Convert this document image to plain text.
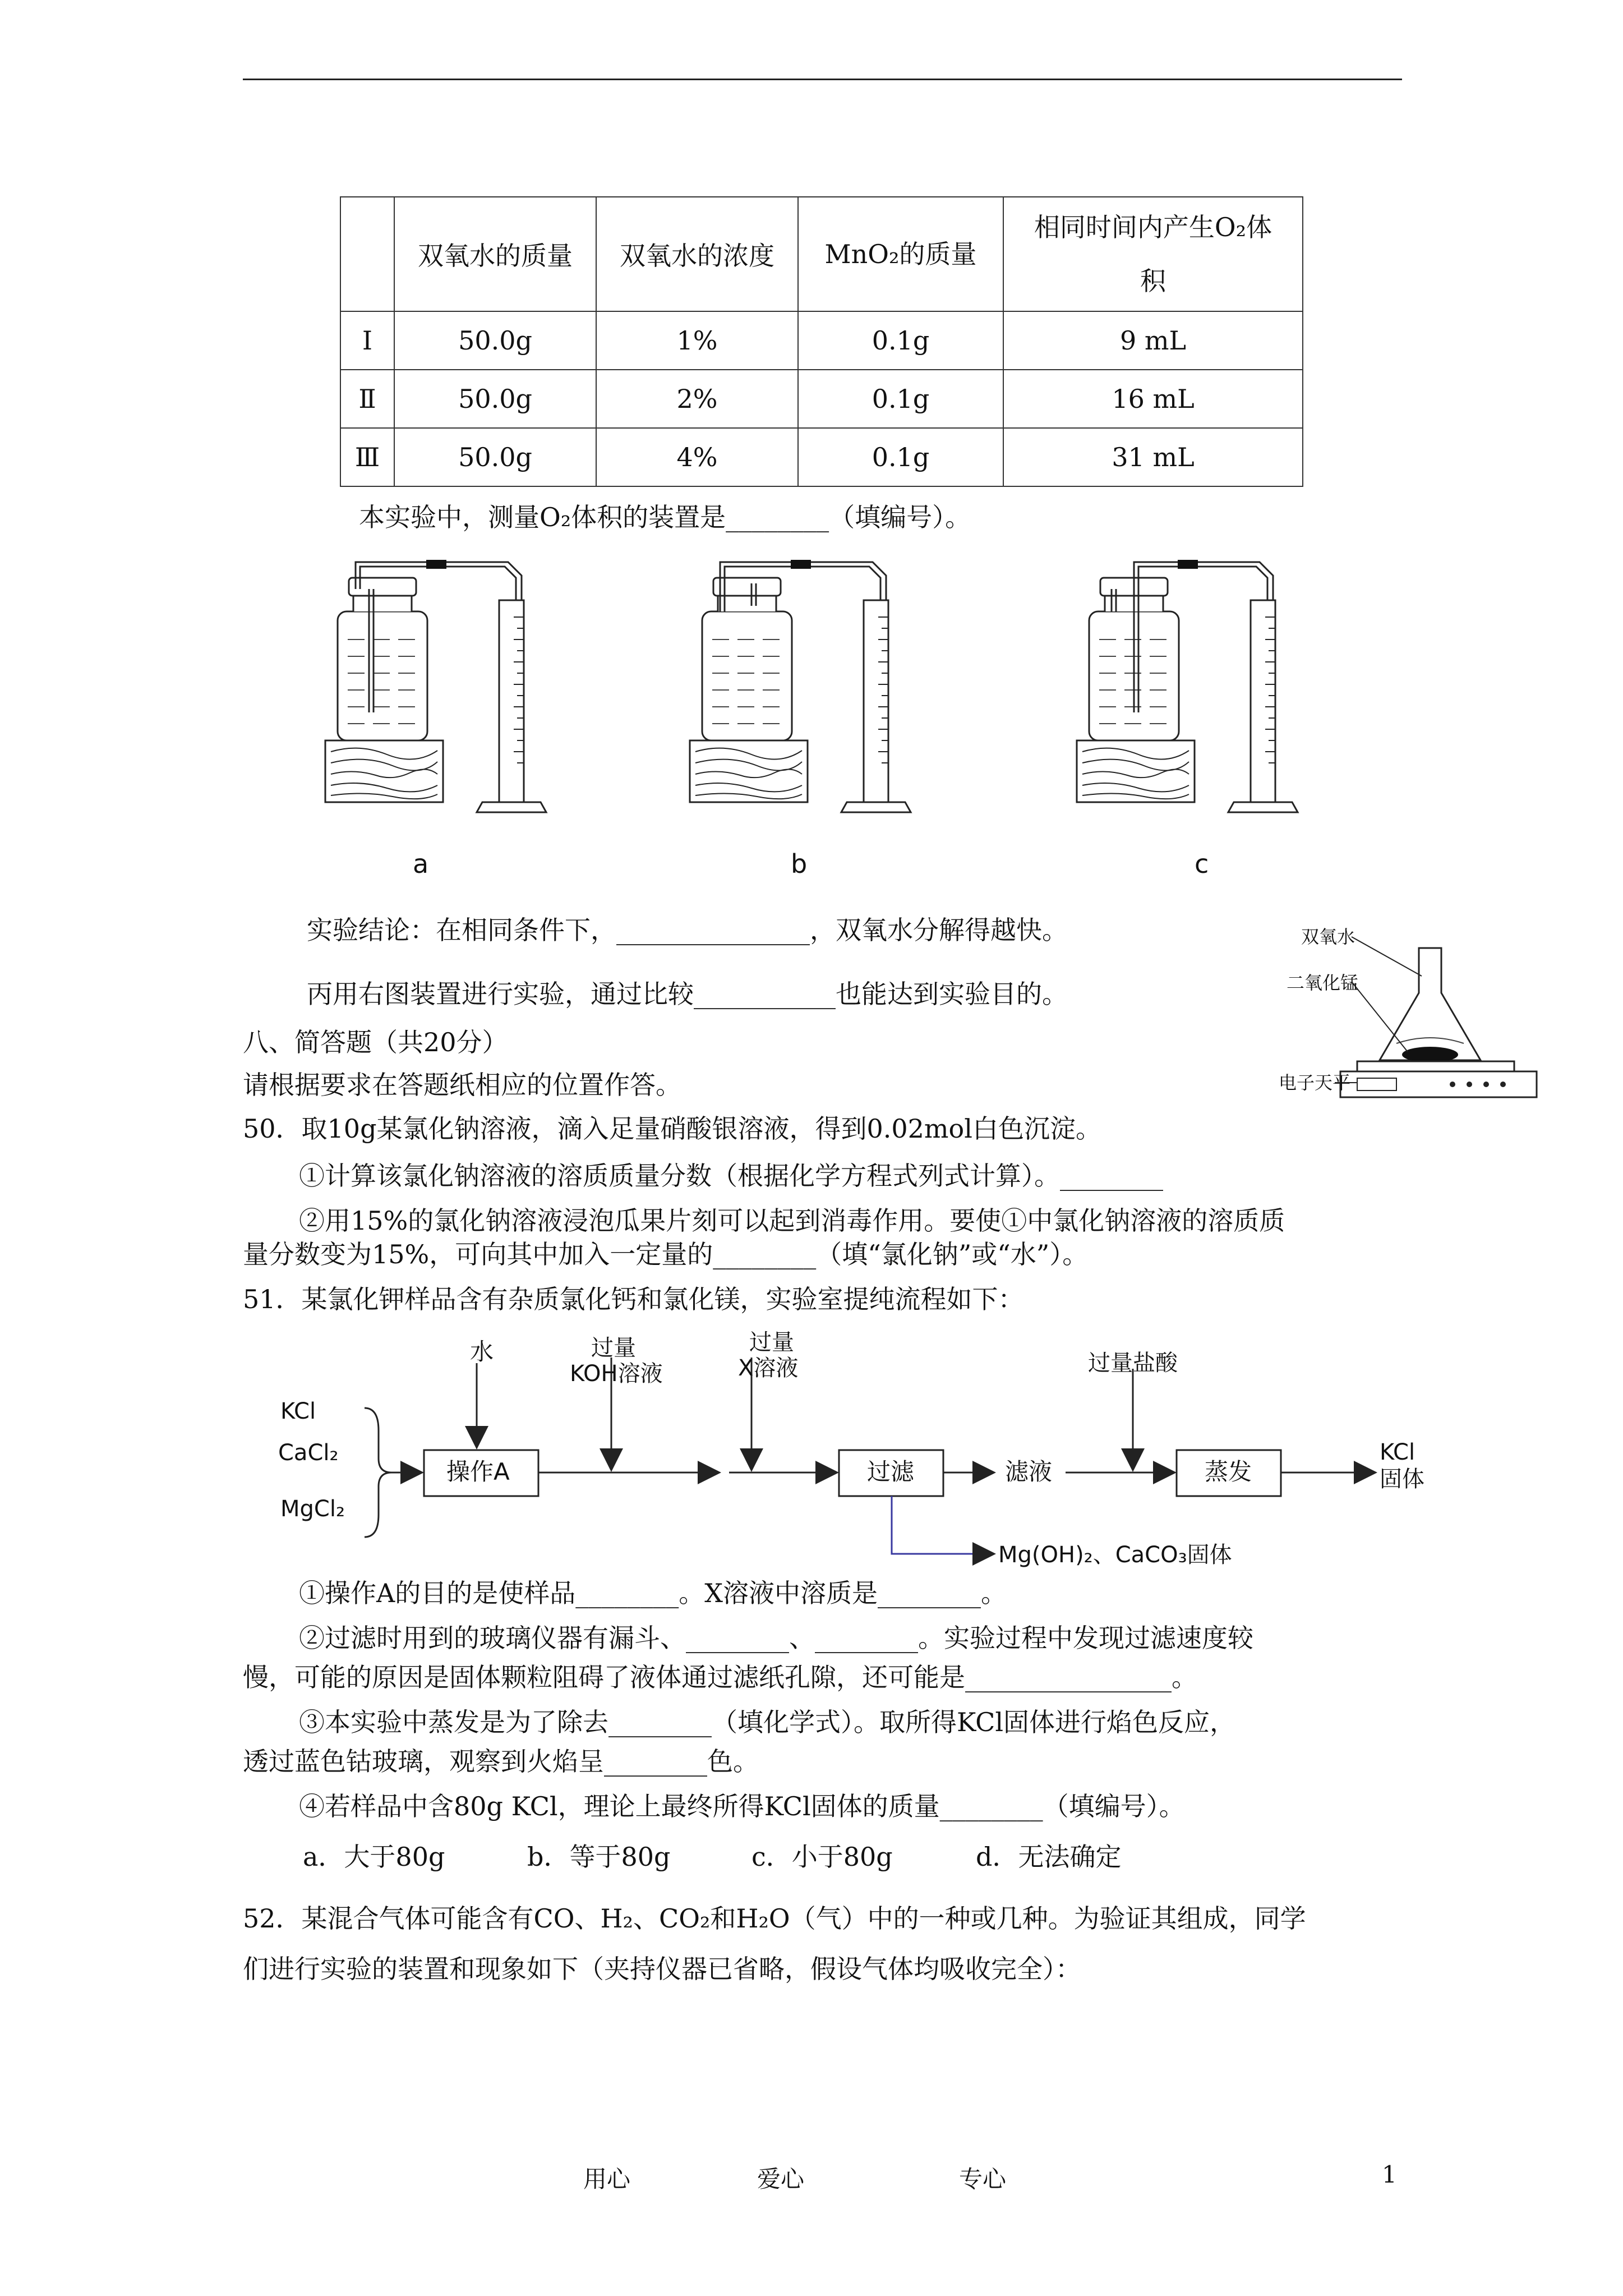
	双氧水的质量	双氧水的浓度	MnO₂的质量	相同时间内产生O₂体积
Ⅰ	50.0g	1%	0.1g	9 mL
Ⅱ	50.0g	2%	0.1g	16 mL
Ⅲ	50.0g	4%	0.1g	31 mL
本实验中，测量O₂体积的装置是________（填编号）。
a	b	c
实验结论：在相同条件下，_______________，双氧水分解得越快。
丙用右图装置进行实验，通过比较___________也能达到实验目的。
双氧水
二氧化锰
电子天平
八、简答题（共20分）
请根据要求在答题纸相应的位置作答。
50．取10g某氯化钠溶液，滴入足量硝酸银溶液，得到0.02mol白色沉淀。
①计算该氯化钠溶液的溶质质量分数（根据化学方程式列式计算）。________
②用15%的氯化钠溶液浸泡瓜果片刻可以起到消毒作用。要使①中氯化钠溶液的溶质质
量分数变为15%，可向其中加入一定量的________（填“氯化钠”或“水”）。
51．某氯化钾样品含有杂质氯化钙和氯化镁，实验室提纯流程如下：
水	过量
KOH溶液
过量
X溶液	过量盐酸
KCl
CaCl₂
MgCl₂
操作A	过滤	滤液	蒸发
KCl
固体
Mg(OH)₂、CaCO₃固体
①操作A的目的是使样品________。X溶液中溶质是________。
②过滤时用到的玻璃仪器有漏斗、________、________。实验过程中发现过滤速度较
慢，可能的原因是固体颗粒阻碍了液体通过滤纸孔隙，还可能是________________。
③本实验中蒸发是为了除去________（填化学式）。取所得KCl固体进行焰色反应，
透过蓝色钴玻璃，观察到火焰呈________色。
④若样品中含80g KCl，理论上最终所得KCl固体的质量________（填编号）。
a．大于80g	b．等于80g	c．小于80g	d．无法确定
52．某混合气体可能含有CO、H₂、CO₂和H₂O（气）中的一种或几种。为验证其组成，同学
们进行实验的装置和现象如下（夹持仪器已省略，假设气体均吸收完全）：
用心	爱心	专心	1
